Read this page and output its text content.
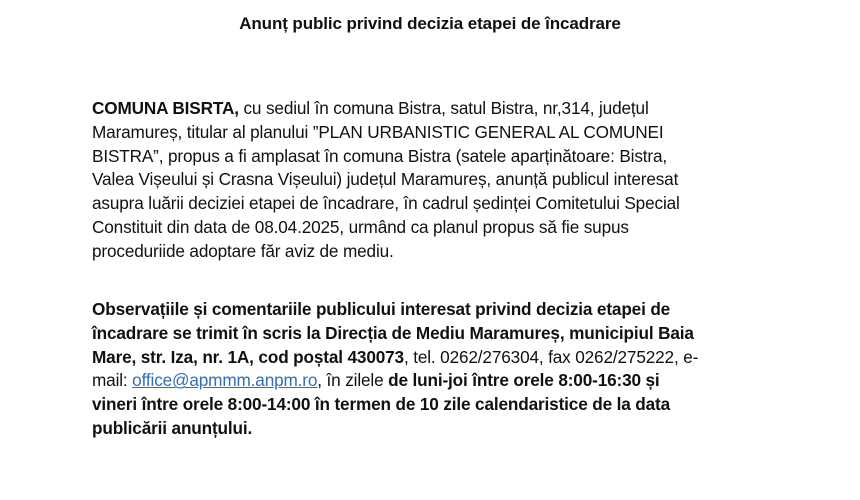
Anunț public privind decizia etapei de încadrare
COMUNA BISRTA, cu sediul în comuna Bistra, satul Bistra, nr,314, județul
Maramureș, titular al planului ”PLAN URBANISTIC GENERAL AL COMUNEI
BISTRA”, propus a fi amplasat în comuna Bistra (satele aparținătoare: Bistra,
Valea Vișeului și Crasna Vișeului) județul Maramureș, anunță publicul interesat
asupra luării deciziei etapei de încadrare, în cadrul ședinței Comitetului Special
Constituit din data de 08.04.2025, urmând ca planul propus să fie supus
proceduriide adoptare făr aviz de mediu.
Observațiile și comentariile publicului interesat privind decizia etapei de
încadrare se trimit în scris la Direcția de Mediu Maramureș, municipiul Baia
Mare, str. Iza, nr. 1A, cod poștal 430073, tel. 0262/276304, fax 0262/275222, e-
mail: office@apmmm.anpm.ro, în zilele de luni-joi între orele 8:00-16:30 și
vineri între orele 8:00-14:00 în termen de 10 zile calendaristice de la data
publicării anunțului.
